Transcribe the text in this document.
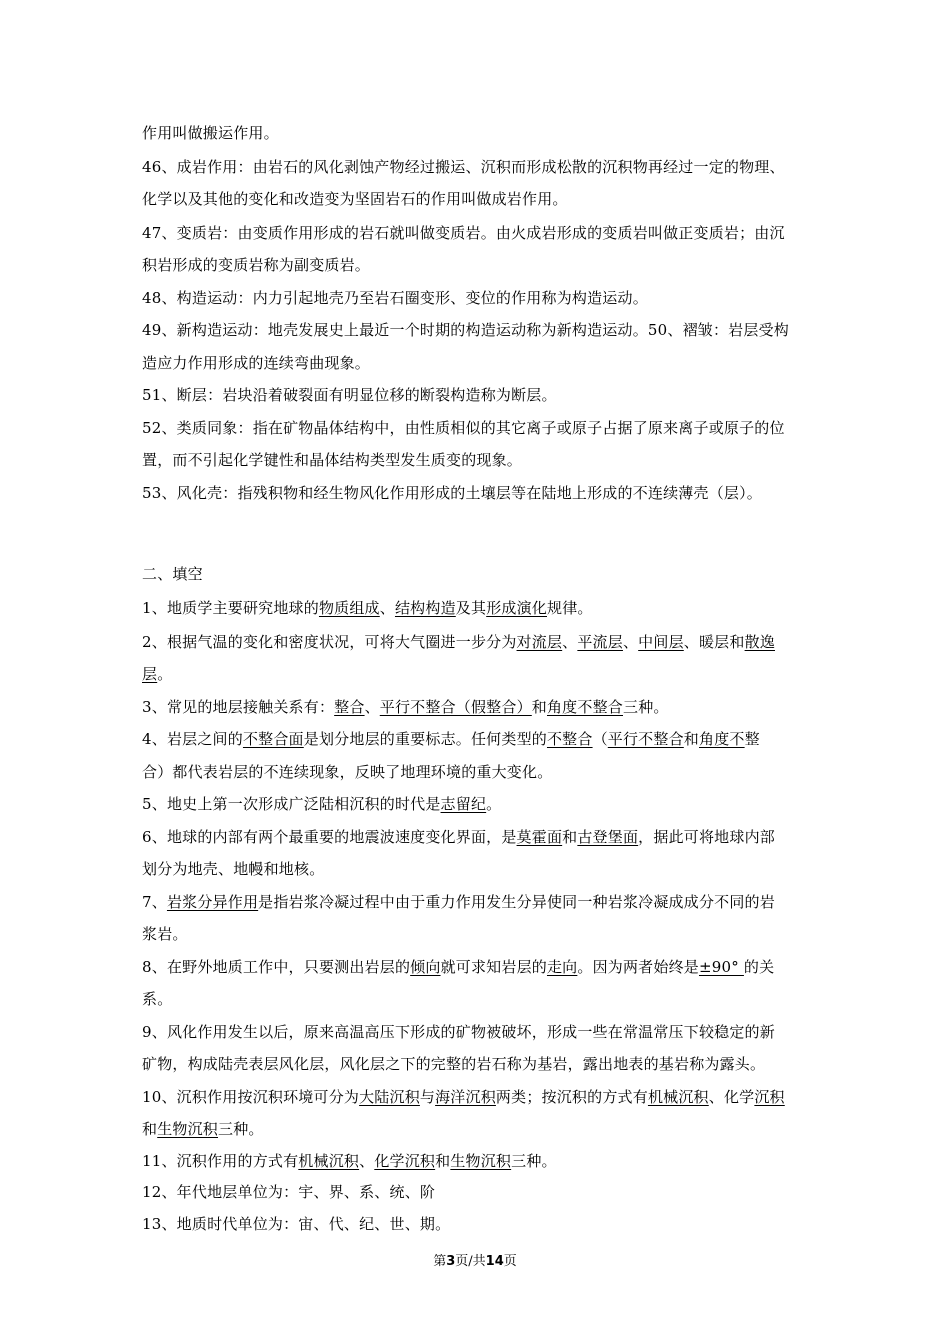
作用叫做搬运作用。
46、成岩作用：由岩石的风化剥蚀产物经过搬运、沉积而形成松散的沉积物再经过一定的物理、
化学以及其他的变化和改造变为坚固岩石的作用叫做成岩作用。
47、变质岩：由变质作用形成的岩石就叫做变质岩。由火成岩形成的变质岩叫做正变质岩；由沉
积岩形成的变质岩称为副变质岩。
48、构造运动：内力引起地壳乃至岩石圈变形、变位的作用称为构造运动。
49、新构造运动：地壳发展史上最近一个时期的构造运动称为新构造运动。50、褶皱：岩层受构
造应力作用形成的连续弯曲现象。
51、断层：岩块沿着破裂面有明显位移的断裂构造称为断层。
52、类质同象：指在矿物晶体结构中，由性质相似的其它离子或原子占据了原来离子或原子的位
置，而不引起化学键性和晶体结构类型发生质变的现象。
53、风化壳：指残积物和经生物风化作用形成的土壤层等在陆地上形成的不连续薄壳（层）。
二、填空
1、地质学主要研究地球的物质组成、结构构造及其形成演化规律。
2、根据气温的变化和密度状况，可将大气圈进一步分为对流层、平流层、中间层、暖层和散逸
层。
3、常见的地层接触关系有：整合、平行不整合（假整合）和角度不整合三种。
4、岩层之间的不整合面是划分地层的重要标志。任何类型的不整合（平行不整合和角度不整
合）都代表岩层的不连续现象，反映了地理环境的重大变化。
5、地史上第一次形成广泛陆相沉积的时代是志留纪。
6、地球的内部有两个最重要的地震波速度变化界面，是莫霍面和古登堡面，据此可将地球内部
划分为地壳、地幔和地核。
7、岩浆分异作用是指岩浆冷凝过程中由于重力作用发生分异使同一种岩浆冷凝成成分不同的岩
浆岩。
8、在野外地质工作中，只要测出岩层的倾向就可求知岩层的走向。因为两者始终是±90° 的关
系。
9、风化作用发生以后，原来高温高压下形成的矿物被破坏，形成一些在常温常压下较稳定的新
矿物，构成陆壳表层风化层，风化层之下的完整的岩石称为基岩，露出地表的基岩称为露头。
10、沉积作用按沉积环境可分为大陆沉积与海洋沉积两类；按沉积的方式有机械沉积、化学沉积
和生物沉积三种。
11、沉积作用的方式有机械沉积、化学沉积和生物沉积三种。
12、年代地层单位为：宇、界、系、统、阶
13、地质时代单位为：宙、代、纪、世、期。
第3页/共14页
